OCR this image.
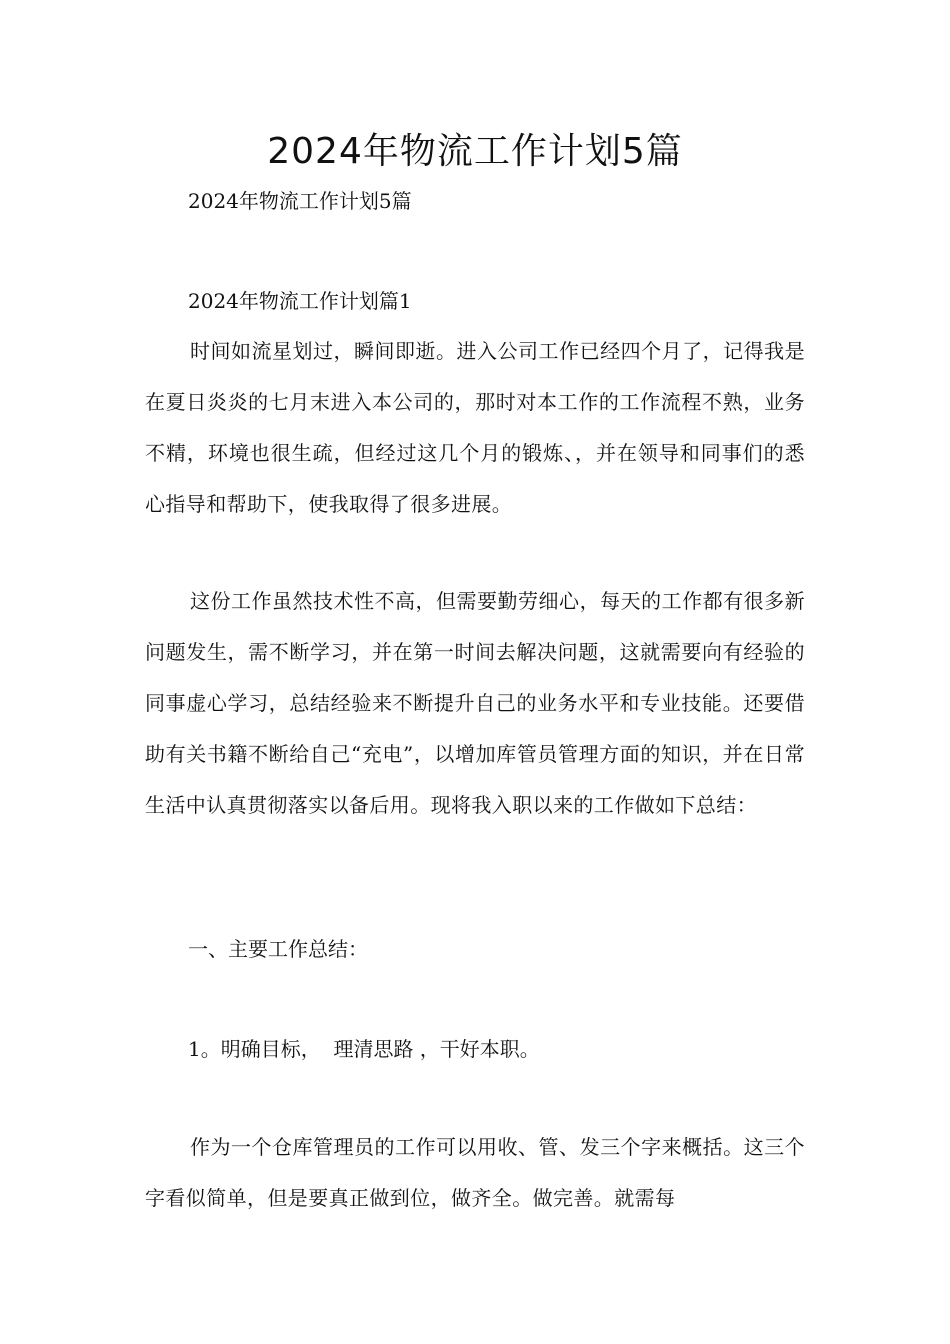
2024年物流工作计划5篇

2024年物流工作计划5篇

2024年物流工作计划篇1

时间如流星划过，瞬间即逝。进入公司工作已经四个月了，记得我是在夏日炎炎的七月末进入本公司的，那时对本工作的工作流程不熟，业务不精，环境也很生疏，但经过这几个月的锻炼、，并在领导和同事们的悉心指导和帮助下，使我取得了很多进展。

这份工作虽然技术性不高，但需要勤劳细心，每天的工作都有很多新问题发生，需不断学习，并在第一时间去解决问题，这就需要向有经验的同事虚心学习，总结经验来不断提升自己的业务水平和专业技能。还要借助有关书籍不断给自己“充电”，以增加库管员管理方面的知识，并在日常生活中认真贯彻落实以备后用。现将我入职以来的工作做如下总结：

一、主要工作总结：

1。明确目标，  理清思路 ，干好本职。

作为一个仓库管理员的工作可以用收、管、发三个字来概括。这三个字看似简单，但是要真正做到位，做齐全。做完善。就需每
